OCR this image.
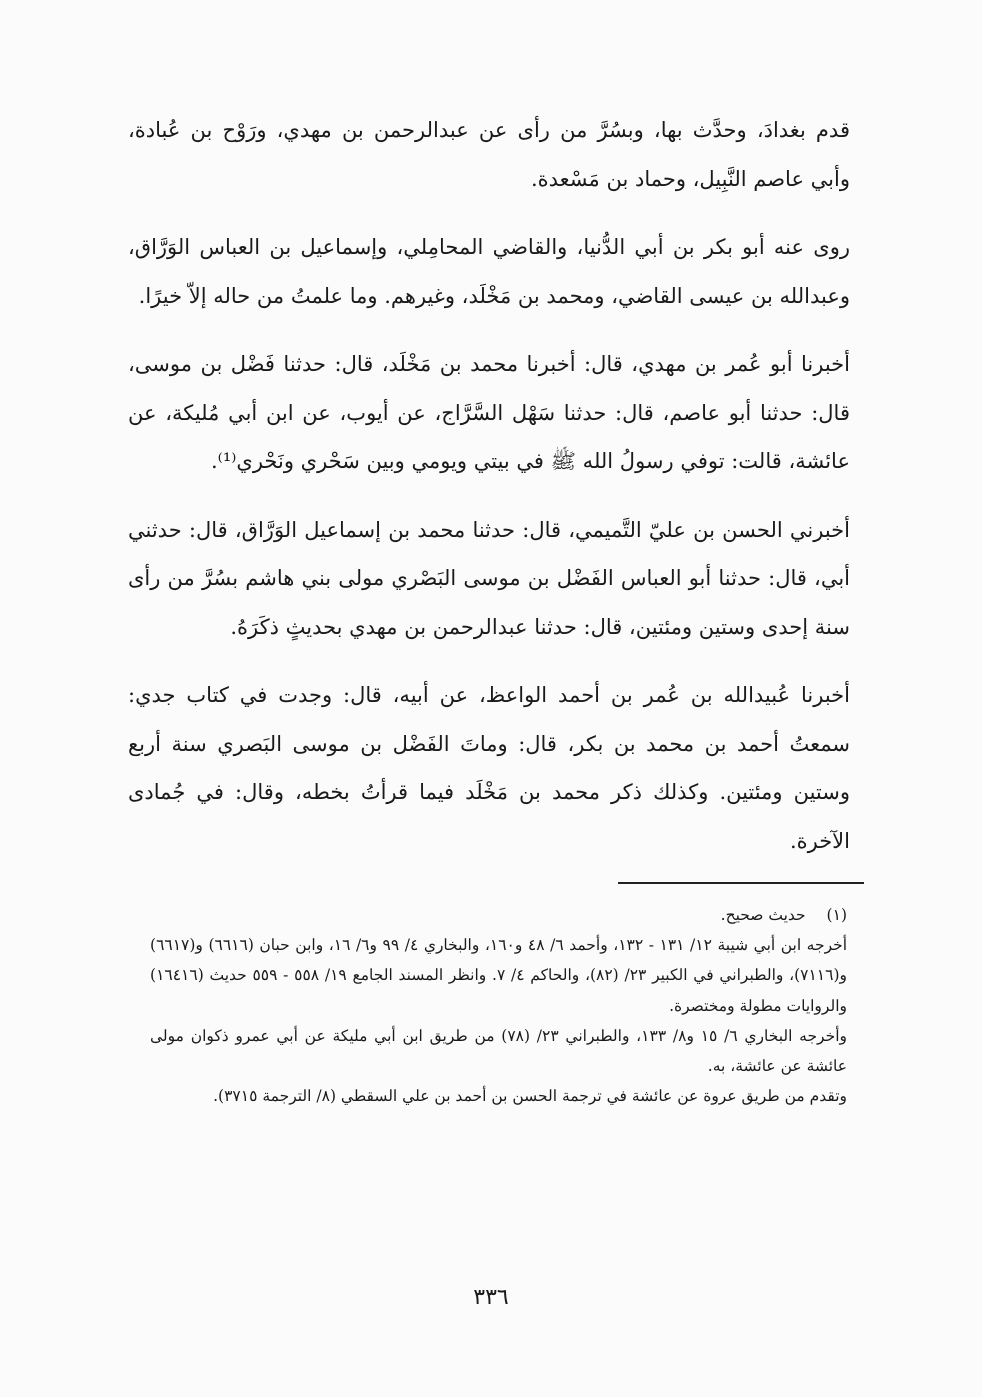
قدم بغدادَ، وحدَّث بها، وبسُرَّ من رأى عن عبدالرحمن بن مهدي، ورَوْح بن عُبادة، وأبي عاصم النَّبِيل، وحماد بن مَسْعدة.

روى عنه أبو بكر بن أبي الدُّنيا، والقاضي المحامِلي، وإسماعيل بن العباس الوَرَّاق، وعبدالله بن عيسى القاضي، ومحمد بن مَخْلَد، وغيرهم. وما علمتُ من حاله إلاّ خيرًا.

أخبرنا أبو عُمر بن مهدي، قال: أخبرنا محمد بن مَخْلَد، قال: حدثنا فَضْل بن موسى، قال: حدثنا أبو عاصم، قال: حدثنا سَهْل السَّرَّاج، عن أيوب، عن ابن أبي مُليكة، عن عائشة، قالت: توفي رسولُ الله ﷺ في بيتي ويومي وبين سَحْري ونَحْري⁽¹⁾.

أخبرني الحسن بن عليّ التَّميمي، قال: حدثنا محمد بن إسماعيل الوَرَّاق، قال: حدثني أبي، قال: حدثنا أبو العباس الفَضْل بن موسى البَصْري مولى بني هاشم بسُرَّ من رأى سنة إحدى وستين ومئتين، قال: حدثنا عبدالرحمن بن مهدي بحديثٍ ذكَرَهُ.

أخبرنا عُبيدالله بن عُمر بن أحمد الواعظ، عن أبيه، قال: وجدت في كتاب جدي: سمعتُ أحمد بن محمد بن بكر، قال: وماتَ الفَضْل بن موسى البَصري سنة أربع وستين ومئتين. وكذلك ذكر محمد بن مَخْلَد فيما قرأتُ بخطه، وقال: في جُمادى الآخرة.

(١) حديث صحيح.

أخرجه ابن أبي شيبة ١٢/ ١٣١ - ١٣٢، وأحمد ٦/ ٤٨ و١٦٠، والبخاري ٤/ ٩٩ و٦/ ١٦، وابن حبان (٦٦١٦) و(٦٦١٧) و(٧١١٦)، والطبراني في الكبير ٢٣/ (٨٢)، والحاكم ٤/ ٧. وانظر المسند الجامع ١٩/ ٥٥٨ - ٥٥٩ حديث (١٦٤١٦) والروايات مطولة ومختصرة.

وأخرجه البخاري ٦/ ١٥ و٨/ ١٣٣، والطبراني ٢٣/ (٧٨) من طريق ابن أبي مليكة عن أبي عمرو ذكوان مولى عائشة عن عائشة، به.

وتقدم من طريق عروة عن عائشة في ترجمة الحسن بن أحمد بن علي السقطي (٨/ الترجمة ٣٧١٥).

٣٣٦
